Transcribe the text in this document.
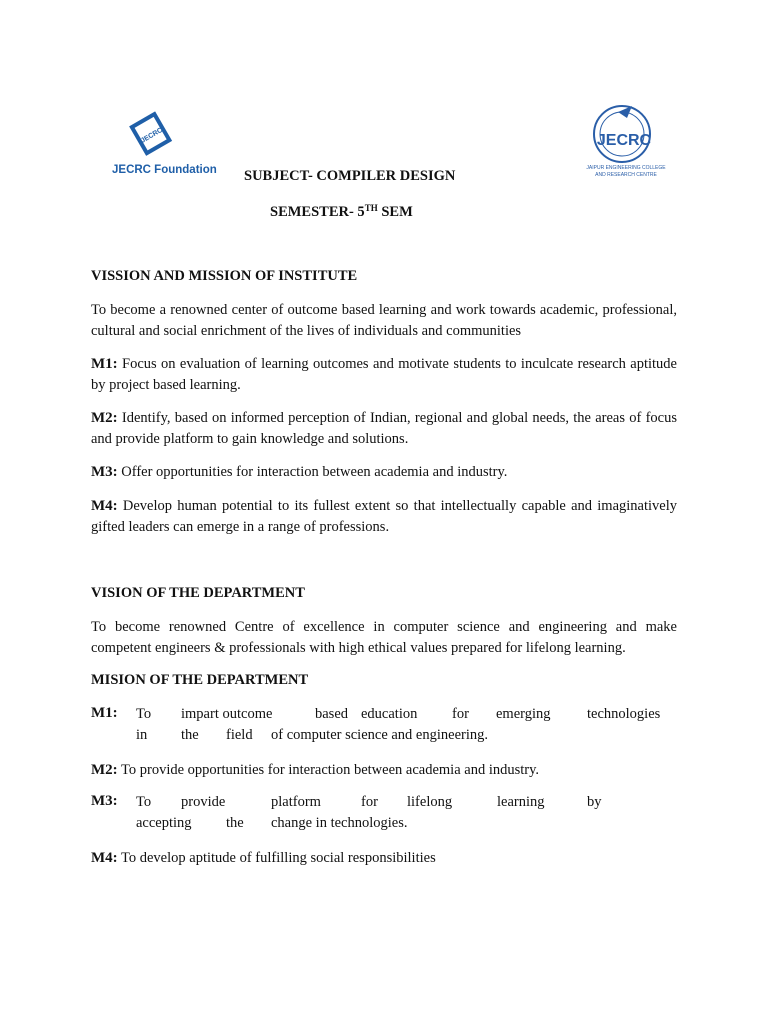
JECRC
JECRC Foundation
JECRC
JAIPUR ENGINEERING COLLEGE
AND RESEARCH CENTRE
SUBJECT- COMPILER DESIGN
SEMESTER- 5TH SEM
VISSION AND MISSION OF INSTITUTE
To become a renowned center of outcome based learning and work towards academic, professional, cultural and social enrichment of the lives of individuals and communities
M1: Focus on evaluation of learning outcomes and motivate students to inculcate research aptitude by project based learning.
M2: Identify, based on informed perception of Indian, regional and global needs, the areas of focus and provide platform to gain knowledge and solutions.
M3: Offer opportunities for interaction between academia and industry.
M4: Develop human potential to its fullest extent so that intellectually capable and imaginatively gifted leaders can emerge in a range of professions.
VISION OF THE DEPARTMENT
To become renowned Centre of excellence in computer science and engineering and make competent engineers & professionals with high ethical values prepared for lifelong learning.
MISION OF THE DEPARTMENT
M1: To impart outcome	based education for emerging	technologies
in the field of computer science and engineering.
M2: To provide opportunities for interaction between academia and industry.
M3: To provide	platform	for lifelong	learning	by
accepting the change in technologies.
M4: To develop aptitude of fulfilling social responsibilities
